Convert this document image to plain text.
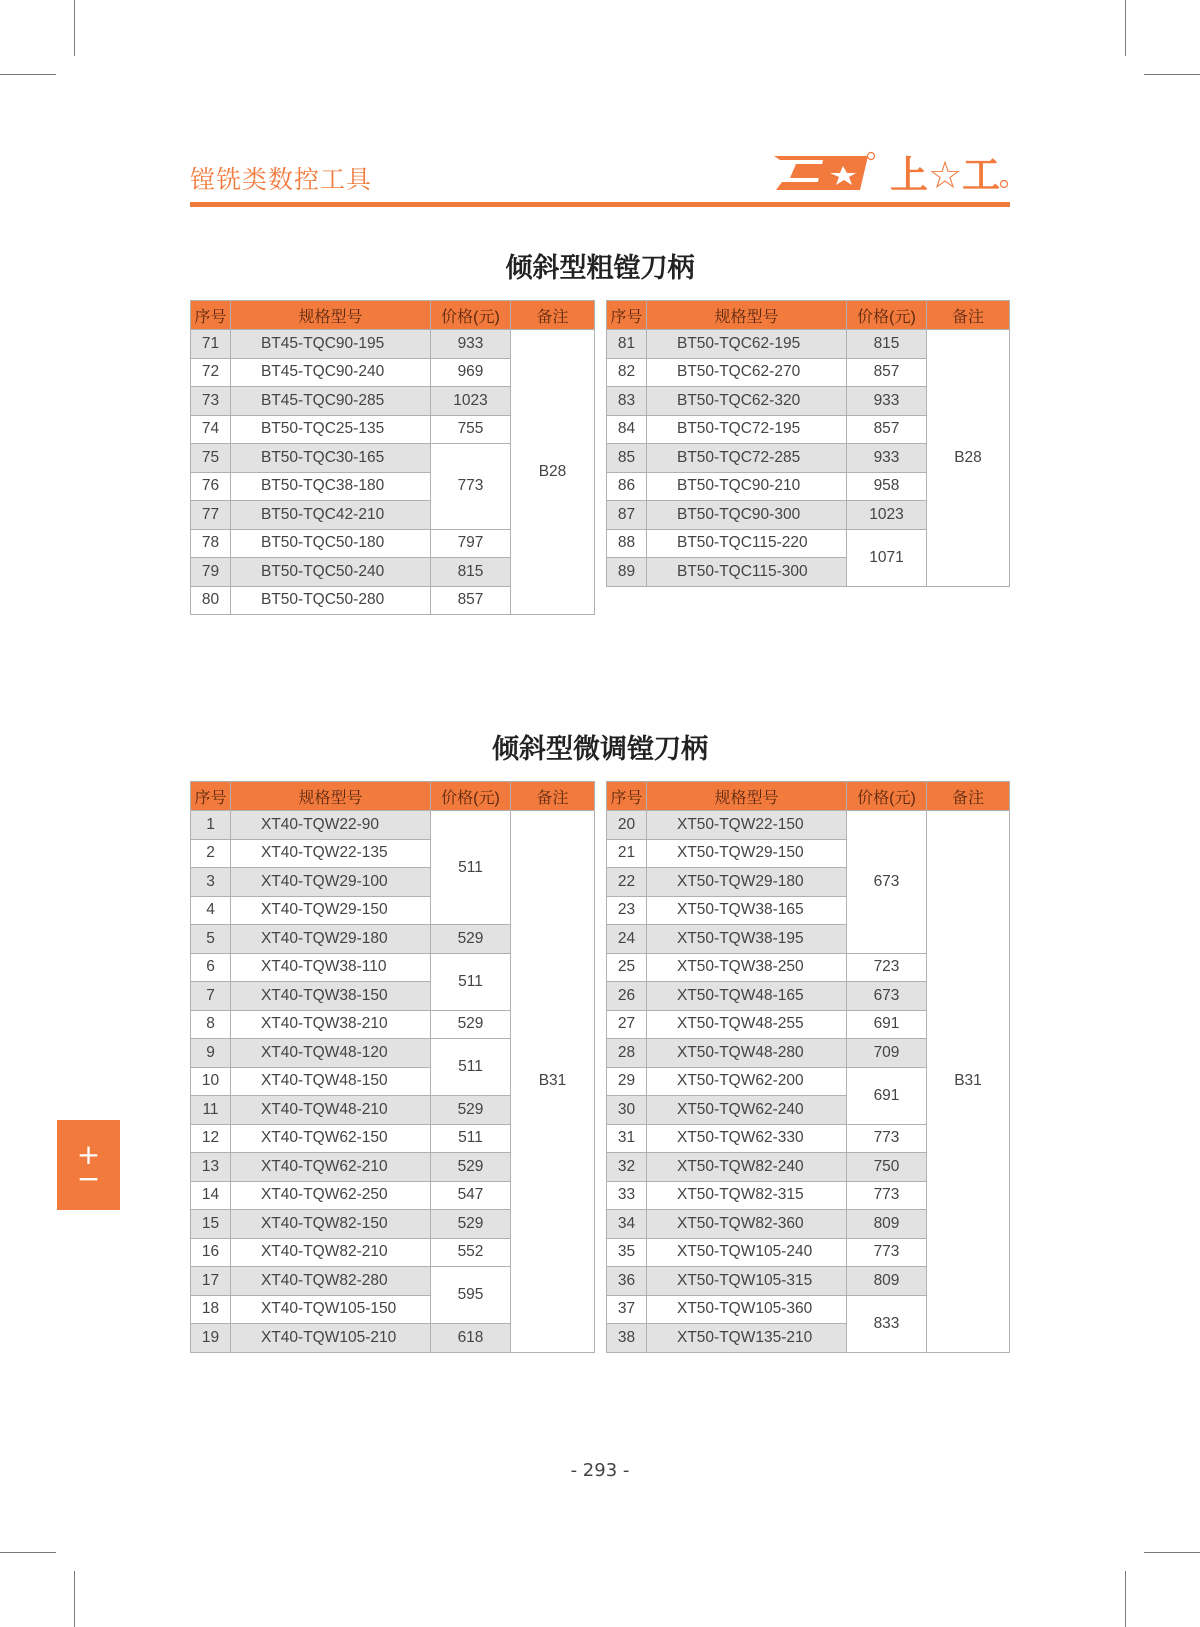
镗铣类数控工具	上☆工
倾斜型粗镗刀柄
序号	规格型号	价格(元)	备注
71	BT45-TQC90-195	933	B28
72	BT45-TQC90-240	969	
73	BT45-TQC90-285	1023	
74	BT50-TQC25-135	755	
75	BT50-TQC30-165	773	
76	BT50-TQC38-180		
77	BT50-TQC42-210		
78	BT50-TQC50-180	797	
79	BT50-TQC50-240	815	
80	BT50-TQC50-280	857	
序号	规格型号	价格(元)	备注
81	BT50-TQC62-195	815	B28
82	BT50-TQC62-270	857	
83	BT50-TQC62-320	933	
84	BT50-TQC72-195	857	
85	BT50-TQC72-285	933	
86	BT50-TQC90-210	958	
87	BT50-TQC90-300	1023	
88	BT50-TQC115-220	1071	
89	BT50-TQC115-300		
倾斜型微调镗刀柄
序号	规格型号	价格(元)	备注
1	XT40-TQW22-90	511	B31
2	XT40-TQW22-135		
3	XT40-TQW29-100		
4	XT40-TQW29-150		
5	XT40-TQW29-180	529	
6	XT40-TQW38-110	511	
7	XT40-TQW38-150		
8	XT40-TQW38-210	529	
9	XT40-TQW48-120	511	
10	XT40-TQW48-150		
11	XT40-TQW48-210	529	
12	XT40-TQW62-150	511	
13	XT40-TQW62-210	529	
14	XT40-TQW62-250	547	
15	XT40-TQW82-150	529	
16	XT40-TQW82-210	552	
17	XT40-TQW82-280	595	
18	XT40-TQW105-150		
19	XT40-TQW105-210	618	
序号	规格型号	价格(元)	备注
20	XT50-TQW22-150	673	B31
21	XT50-TQW29-150		
22	XT50-TQW29-180		
23	XT50-TQW38-165		
24	XT50-TQW38-195		
25	XT50-TQW38-250	723	
26	XT50-TQW48-165	673	
27	XT50-TQW48-255	691	
28	XT50-TQW48-280	709	
29	XT50-TQW62-200	691	
30	XT50-TQW62-240		
31	XT50-TQW62-330	773	
32	XT50-TQW82-240	750	
33	XT50-TQW82-315	773	
34	XT50-TQW82-360	809	
35	XT50-TQW105-240	773	
36	XT50-TQW105-315	809	
37	XT50-TQW105-360	833	
38	XT50-TQW135-210		
+
−
- 293 -
